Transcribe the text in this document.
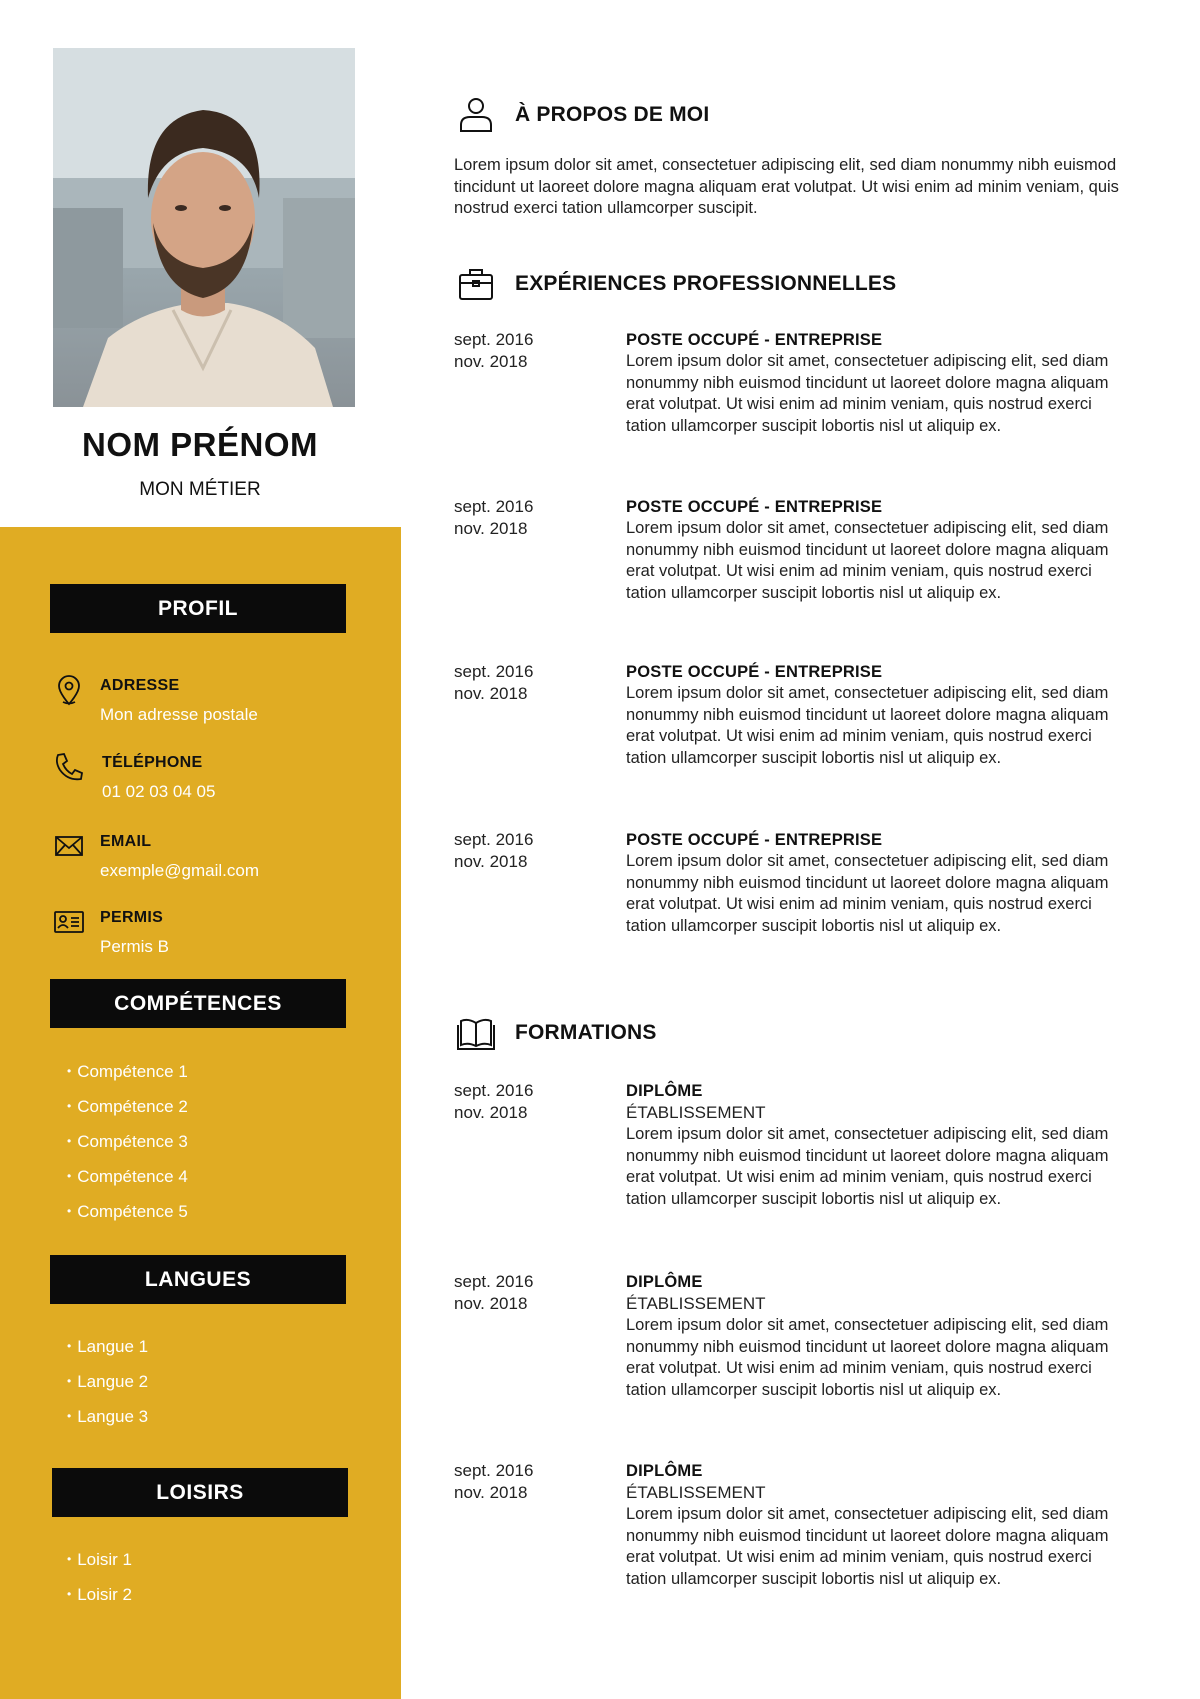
NOM PRÉNOM
MON MÉTIER
PROFIL
ADRESSE
Mon adresse postale
TÉLÉPHONE
01 02 03 04 05
EMAIL
exemple@gmail.com
PERMIS
Permis B
COMPÉTENCES
• Compétence 1
• Compétence 2
• Compétence 3
• Compétence 4
• Compétence 5
LANGUES
• Langue 1
• Langue 2
• Langue 3
LOISIRS
• Loisir 1
• Loisir 2
À PROPOS DE MOI

Lorem ipsum dolor sit amet, consectetuer adipiscing elit, sed diam nonummy nibh euismod tincidunt ut laoreet dolore magna aliquam erat volutpat. Ut wisi enim ad minim veniam, quis nostrud exerci tation ullamcorper suscipit.

EXPÉRIENCES PROFESSIONNELLES
sept. 2016
nov. 2018
POSTE OCCUPÉ - ENTREPRISE
Lorem ipsum dolor sit amet, consectetuer adipiscing elit, sed diam nonummy nibh euismod tincidunt ut laoreet dolore magna aliquam erat volutpat. Ut wisi enim ad minim veniam, quis nostrud exerci tation ullamcorper suscipit lobortis nisl ut aliquip ex.
sept. 2016
nov. 2018
POSTE OCCUPÉ - ENTREPRISE
Lorem ipsum dolor sit amet, consectetuer adipiscing elit, sed diam nonummy nibh euismod tincidunt ut laoreet dolore magna aliquam erat volutpat. Ut wisi enim ad minim veniam, quis nostrud exerci tation ullamcorper suscipit lobortis nisl ut aliquip ex.
sept. 2016
nov. 2018
POSTE OCCUPÉ - ENTREPRISE
Lorem ipsum dolor sit amet, consectetuer adipiscing elit, sed diam nonummy nibh euismod tincidunt ut laoreet dolore magna aliquam erat volutpat. Ut wisi enim ad minim veniam, quis nostrud exerci tation ullamcorper suscipit lobortis nisl ut aliquip ex.
sept. 2016
nov. 2018
POSTE OCCUPÉ - ENTREPRISE
Lorem ipsum dolor sit amet, consectetuer adipiscing elit, sed diam nonummy nibh euismod tincidunt ut laoreet dolore magna aliquam erat volutpat. Ut wisi enim ad minim veniam, quis nostrud exerci tation ullamcorper suscipit lobortis nisl ut aliquip ex.
FORMATIONS
sept. 2016
nov. 2018
DIPLÔME
ÉTABLISSEMENT
Lorem ipsum dolor sit amet, consectetuer adipiscing elit, sed diam nonummy nibh euismod tincidunt ut laoreet dolore magna aliquam erat volutpat. Ut wisi enim ad minim veniam, quis nostrud exerci tation ullamcorper suscipit lobortis nisl ut aliquip ex.
sept. 2016
nov. 2018
DIPLÔME
ÉTABLISSEMENT
Lorem ipsum dolor sit amet, consectetuer adipiscing elit, sed diam nonummy nibh euismod tincidunt ut laoreet dolore magna aliquam erat volutpat. Ut wisi enim ad minim veniam, quis nostrud exerci tation ullamcorper suscipit lobortis nisl ut aliquip ex.
sept. 2016
nov. 2018
DIPLÔME
ÉTABLISSEMENT
Lorem ipsum dolor sit amet, consectetuer adipiscing elit, sed diam nonummy nibh euismod tincidunt ut laoreet dolore magna aliquam erat volutpat. Ut wisi enim ad minim veniam, quis nostrud exerci tation ullamcorper suscipit lobortis nisl ut aliquip ex.
